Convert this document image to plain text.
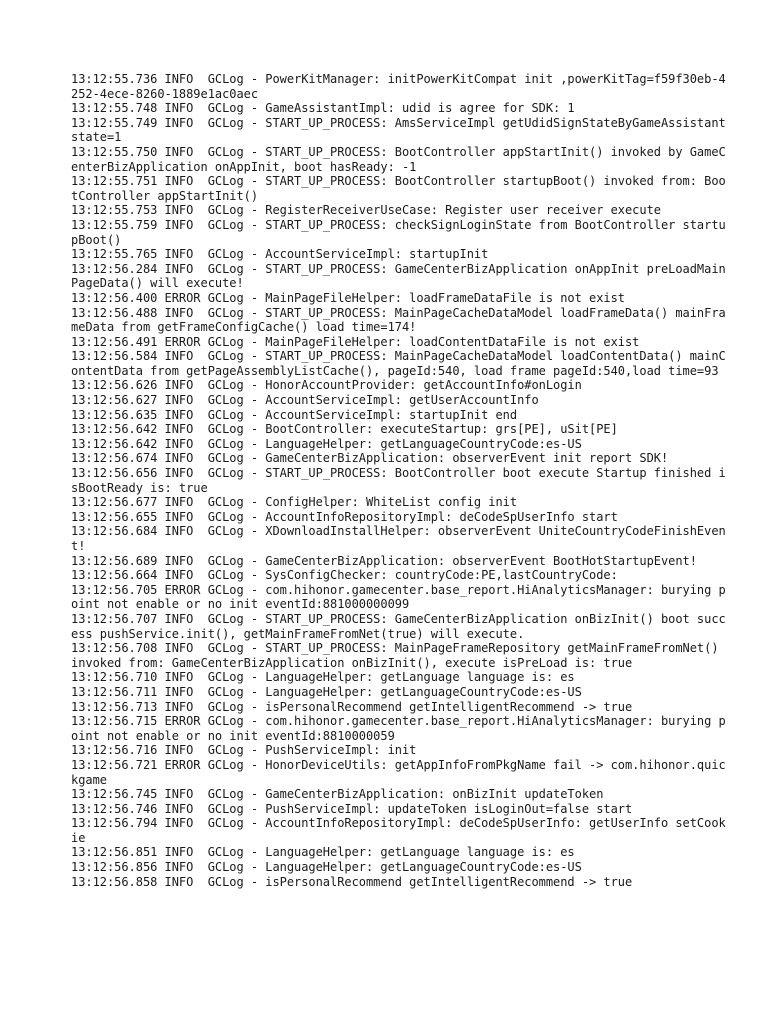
13:12:55.736 INFO  GCLog - PowerKitManager: initPowerKitCompat init ,powerKitTag=f59f30eb-4252-4ece-8260-1889e1ac0aec

13:12:55.748 INFO  GCLog - GameAssistantImpl: udid is agree for SDK: 1

13:12:55.749 INFO  GCLog - START_UP_PROCESS: AmsServiceImpl getUdidSignStateByGameAssistant state=1

13:12:55.750 INFO  GCLog - START_UP_PROCESS: BootController appStartInit() invoked by GameCenterBizApplication onAppInit, boot hasReady: -1

13:12:55.751 INFO  GCLog - START_UP_PROCESS: BootController startupBoot() invoked from: BootController appStartInit()

13:12:55.753 INFO  GCLog - RegisterReceiverUseCase: Register user receiver execute

13:12:55.759 INFO  GCLog - START_UP_PROCESS: checkSignLoginState from BootController startupBoot()

13:12:55.765 INFO  GCLog - AccountServiceImpl: startupInit

13:12:56.284 INFO  GCLog - START_UP_PROCESS: GameCenterBizApplication onAppInit preLoadMainPageData() will execute!

13:12:56.400 ERROR GCLog - MainPageFileHelper: loadFrameDataFile is not exist

13:12:56.488 INFO  GCLog - START_UP_PROCESS: MainPageCacheDataModel loadFrameData() mainFrameData from getFrameConfigCache() load time=174!

13:12:56.491 ERROR GCLog - MainPageFileHelper: loadContentDataFile is not exist

13:12:56.584 INFO  GCLog - START_UP_PROCESS: MainPageCacheDataModel loadContentData() mainContentData from getPageAssemblyListCache(), pageId:540, load frame pageId:540,load time=93

13:12:56.626 INFO  GCLog - HonorAccountProvider: getAccountInfo#onLogin

13:12:56.627 INFO  GCLog - AccountServiceImpl: getUserAccountInfo

13:12:56.635 INFO  GCLog - AccountServiceImpl: startupInit end

13:12:56.642 INFO  GCLog - BootController: executeStartup: grs[PE], uSit[PE]

13:12:56.642 INFO  GCLog - LanguageHelper: getLanguageCountryCode:es-US

13:12:56.674 INFO  GCLog - GameCenterBizApplication: observerEvent init report SDK!

13:12:56.656 INFO  GCLog - START_UP_PROCESS: BootController boot execute Startup finished isBootReady is: true

13:12:56.677 INFO  GCLog - ConfigHelper: WhiteList config init

13:12:56.655 INFO  GCLog - AccountInfoRepositoryImpl: deCodeSpUserInfo start

13:12:56.684 INFO  GCLog - XDownloadInstallHelper: observerEvent UniteCountryCodeFinishEvent!

13:12:56.689 INFO  GCLog - GameCenterBizApplication: observerEvent BootHotStartupEvent!

13:12:56.664 INFO  GCLog - SysConfigChecker: countryCode:PE,lastCountryCode:

13:12:56.705 ERROR GCLog - com.hihonor.gamecenter.base_report.HiAnalyticsManager: burying point not enable or no init eventId:881000000099

13:12:56.707 INFO  GCLog - START_UP_PROCESS: GameCenterBizApplication onBizInit() boot success pushService.init(), getMainFrameFromNet(true) will execute.

13:12:56.708 INFO  GCLog - START_UP_PROCESS: MainPageFrameRepository getMainFrameFromNet() invoked from: GameCenterBizApplication onBizInit(), execute isPreLoad is: true

13:12:56.710 INFO  GCLog - LanguageHelper: getLanguage language is: es

13:12:56.711 INFO  GCLog - LanguageHelper: getLanguageCountryCode:es-US

13:12:56.713 INFO  GCLog - isPersonalRecommend getIntelligentRecommend -> true

13:12:56.715 ERROR GCLog - com.hihonor.gamecenter.base_report.HiAnalyticsManager: burying point not enable or no init eventId:8810000059

13:12:56.716 INFO  GCLog - PushServiceImpl: init

13:12:56.721 ERROR GCLog - HonorDeviceUtils: getAppInfoFromPkgName fail -> com.hihonor.quickgame

13:12:56.745 INFO  GCLog - GameCenterBizApplication: onBizInit updateToken

13:12:56.746 INFO  GCLog - PushServiceImpl: updateToken isLoginOut=false start

13:12:56.794 INFO  GCLog - AccountInfoRepositoryImpl: deCodeSpUserInfo: getUserInfo setCookie

13:12:56.851 INFO  GCLog - LanguageHelper: getLanguage language is: es

13:12:56.856 INFO  GCLog - LanguageHelper: getLanguageCountryCode:es-US

13:12:56.858 INFO  GCLog - isPersonalRecommend getIntelligentRecommend -> true
